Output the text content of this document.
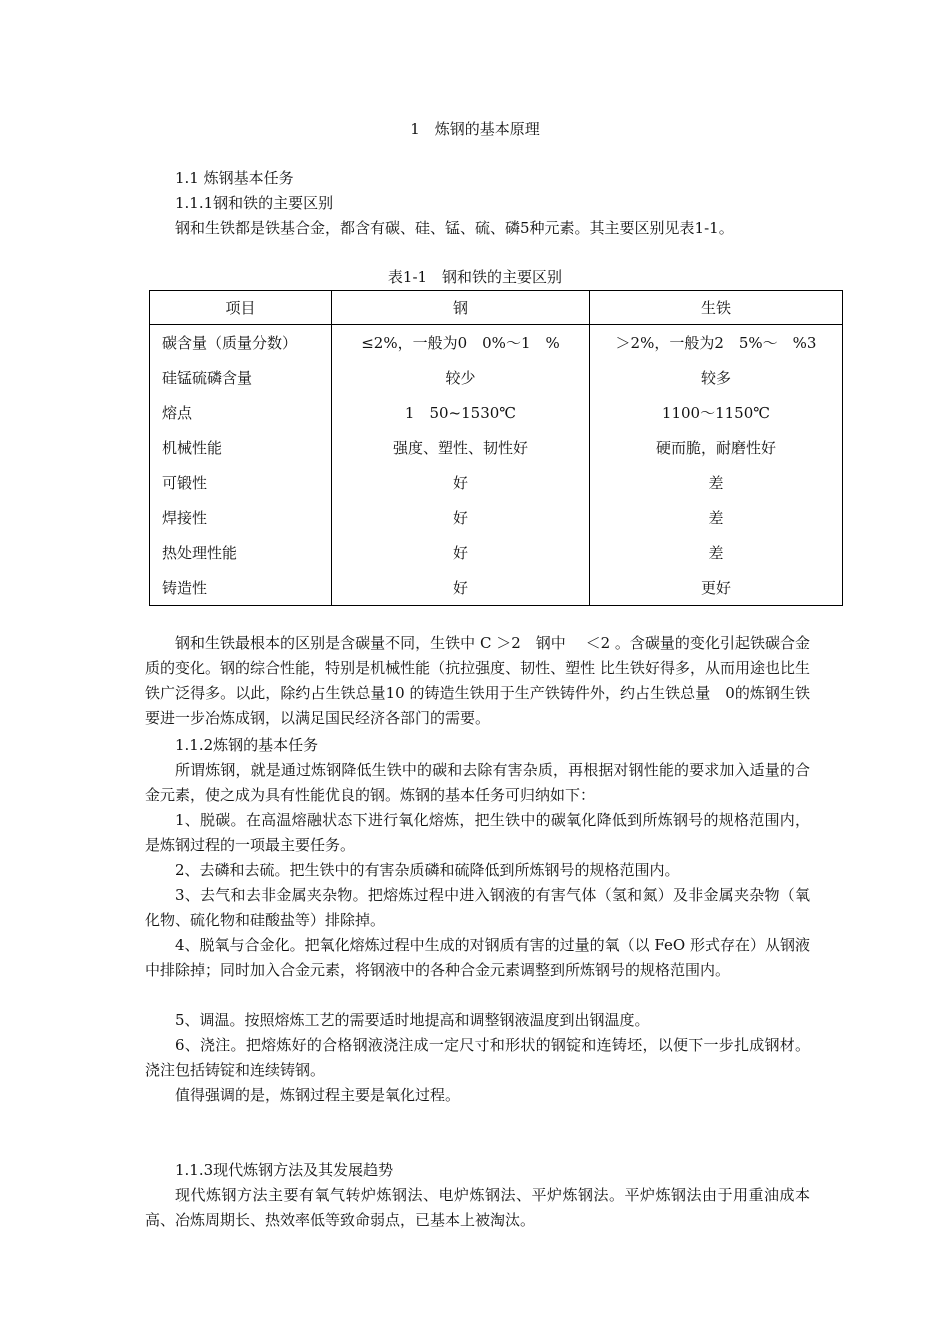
1　炼钢的基本原理
1.1 炼钢基本任务
1.1.1钢和铁的主要区别
钢和生铁都是铁基合金，都含有碳、硅、锰、硫、磷5种元素。其主要区别见表1-1。
表1-1　钢和铁的主要区别
项目	钢	生铁
碳含量（质量分数）	≤2%，一般为0　0%～1　%	＞2%，一般为2　5%～　%3
硅锰硫磷含量	较少	较多
熔点	1　50~1530℃	1100～1150℃
机械性能	强度、塑性、韧性好	硬而脆，耐磨性好
可锻性	好	差
焊接性	好	差
热处理性能	好	差
铸造性	好	更好
钢和生铁最根本的区别是含碳量不同，生铁中 C ＞2　钢中　 ＜2 。含碳量的变化引起铁碳合金质的变化。钢的综合性能，特别是机械性能（抗拉强度、韧性、塑性 比生铁好得多，从而用途也比生铁广泛得多。以此，除约占生铁总量10 的铸造生铁用于生产铁铸件外，约占生铁总量　0的炼钢生铁要进一步冶炼成钢，以满足国民经济各部门的需要。
1.1.2炼钢的基本任务
所谓炼钢，就是通过炼钢降低生铁中的碳和去除有害杂质，再根据对钢性能的要求加入适量的合金元素，使之成为具有性能优良的钢。炼钢的基本任务可归纳如下：
1、脱碳。在高温熔融状态下进行氧化熔炼，把生铁中的碳氧化降低到所炼钢号的规格范围内，是炼钢过程的一项最主要任务。
2、去磷和去硫。把生铁中的有害杂质磷和硫降低到所炼钢号的规格范围内。
3、去气和去非金属夹杂物。把熔炼过程中进入钢液的有害气体（氢和氮）及非金属夹杂物（氧化物、硫化物和硅酸盐等）排除掉。
4、脱氧与合金化。把氧化熔炼过程中生成的对钢质有害的过量的氧（以 FeO 形式存在）从钢液中排除掉；同时加入合金元素，将钢液中的各种合金元素调整到所炼钢号的规格范围内。
5、调温。按照熔炼工艺的需要适时地提高和调整钢液温度到出钢温度。
6、浇注。把熔炼好的合格钢液浇注成一定尺寸和形状的钢锭和连铸坯，以便下一步扎成钢材。浇注包括铸锭和连续铸钢。
值得强调的是，炼钢过程主要是氧化过程。
1.1.3现代炼钢方法及其发展趋势
现代炼钢方法主要有氧气转炉炼钢法、电炉炼钢法、平炉炼钢法。平炉炼钢法由于用重油成本高、冶炼周期长、热效率低等致命弱点，已基本上被淘汰。
